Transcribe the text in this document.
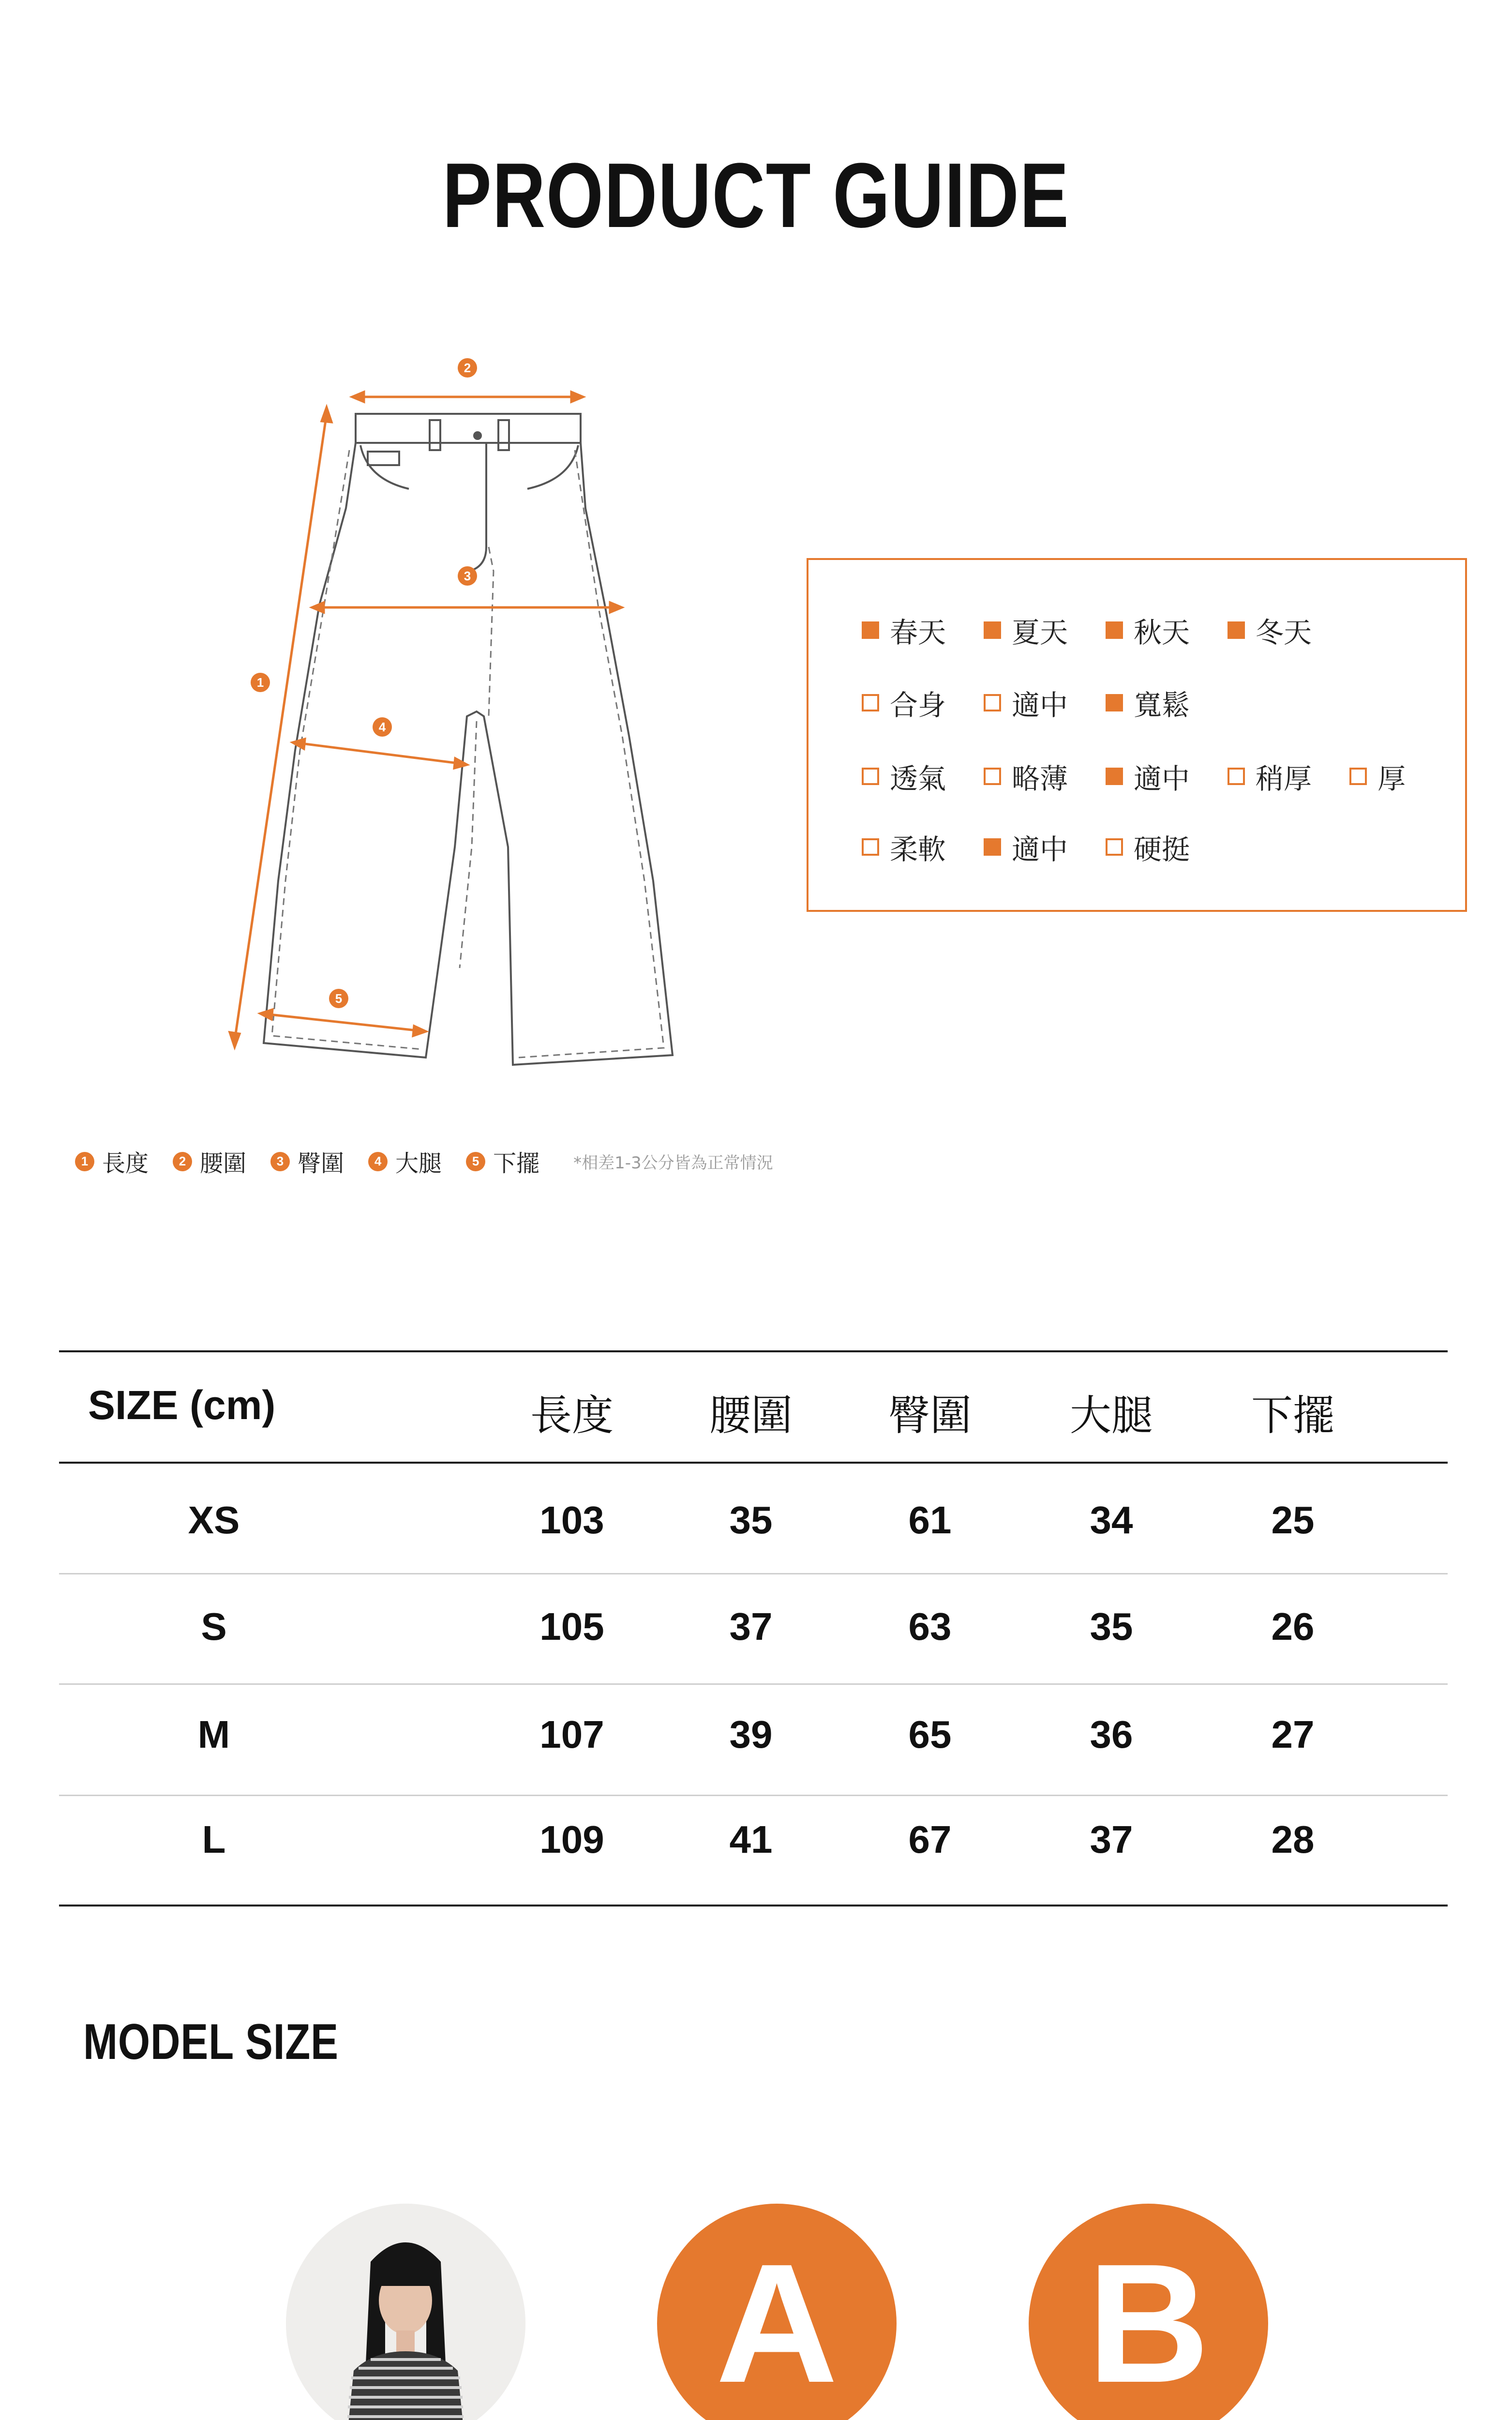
PRODUCT GUIDE
1
2
3
4
5
春天 夏天 秋天 冬天
合身 適中 寬鬆
透氣 略薄 適中 稍厚 厚
柔軟 適中 硬挺
1 長度	2 腰圍	3 臀圍	4 大腿	5 下擺 *相差1-3公分皆為正常情況
SIZE (cm)	長度	腰圍	臀圍	大腿	下擺
XS	103	35	61	34	25
S	105	37	63	35	26
M	107	39	65	36	27
L	109	41	67	37	28
MODEL SIZE
A B
